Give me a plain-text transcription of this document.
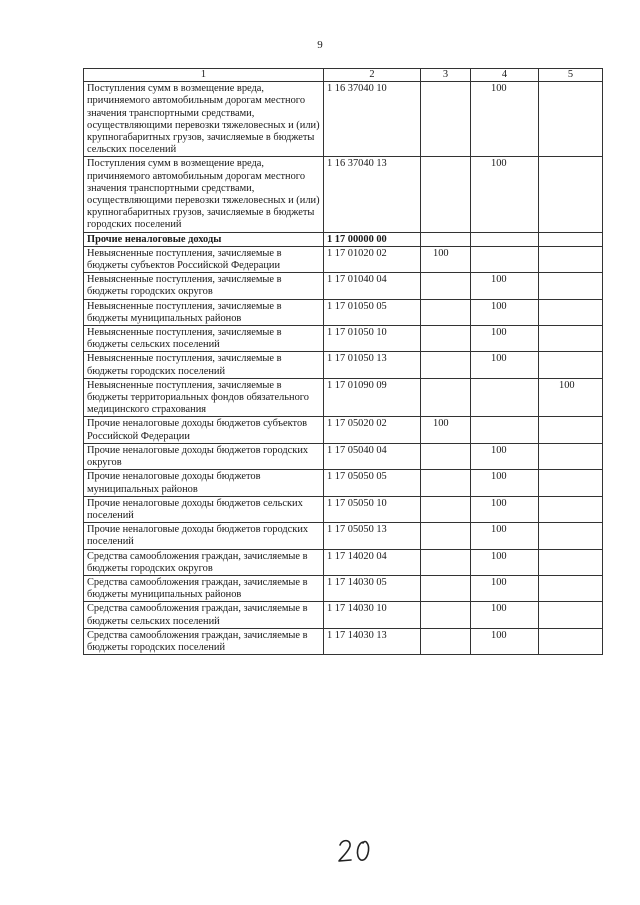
9
1	2	3	4	5
Поступления сумм в возмещение вреда, причиняемого автомобильным дорогам местного значения транспортными средствами, осуществляющими перевозки тяжеловесных и (или) крупногабаритных грузов, зачисляемые в бюджеты сельских поселений	1 16 37040 10		100	
Поступления сумм в возмещение вреда, причиняемого автомобильным дорогам местного значения транспортными средствами, осуществляющими перевозки тяжеловесных и (или) крупногабаритных грузов, зачисляемые в бюджеты городских поселений	1 16 37040 13		100	
Прочие неналоговые доходы	1 17 00000 00			
Невыясненные поступления, зачисляемые в бюджеты субъектов Российской Федерации	1 17 01020 02	100		
Невыясненные поступления, зачисляемые в бюджеты городских округов	1 17 01040 04		100	
Невыясненные поступления, зачисляемые в бюджеты муниципальных районов	1 17 01050 05		100	
Невыясненные поступления, зачисляемые в бюджеты сельских поселений	1 17 01050 10		100	
Невыясненные поступления, зачисляемые в бюджеты городских поселений	1 17 01050 13		100	
Невыясненные поступления, зачисляемые в бюджеты территориальных фондов обязательного медицинского страхования	1 17 01090 09			100
Прочие неналоговые доходы бюджетов субъектов Российской Федерации	1 17 05020 02	100		
Прочие неналоговые доходы бюджетов городских округов	1 17 05040 04		100	
Прочие неналоговые доходы бюджетов муниципальных районов	1 17 05050 05		100	
Прочие неналоговые доходы бюджетов сельских поселений	1 17 05050 10		100	
Прочие неналоговые доходы бюджетов городских поселений	1 17 05050 13		100	
Средства самообложения граждан, зачисляемые в бюджеты городских округов	1 17 14020 04		100	
Средства самообложения граждан, зачисляемые в бюджеты муниципальных районов	1 17 14030 05		100	
Средства самообложения граждан, зачисляемые в бюджеты сельских поселений	1 17 14030 10		100	
Средства самообложения граждан, зачисляемые в бюджеты городских поселений	1 17 14030 13		100	
